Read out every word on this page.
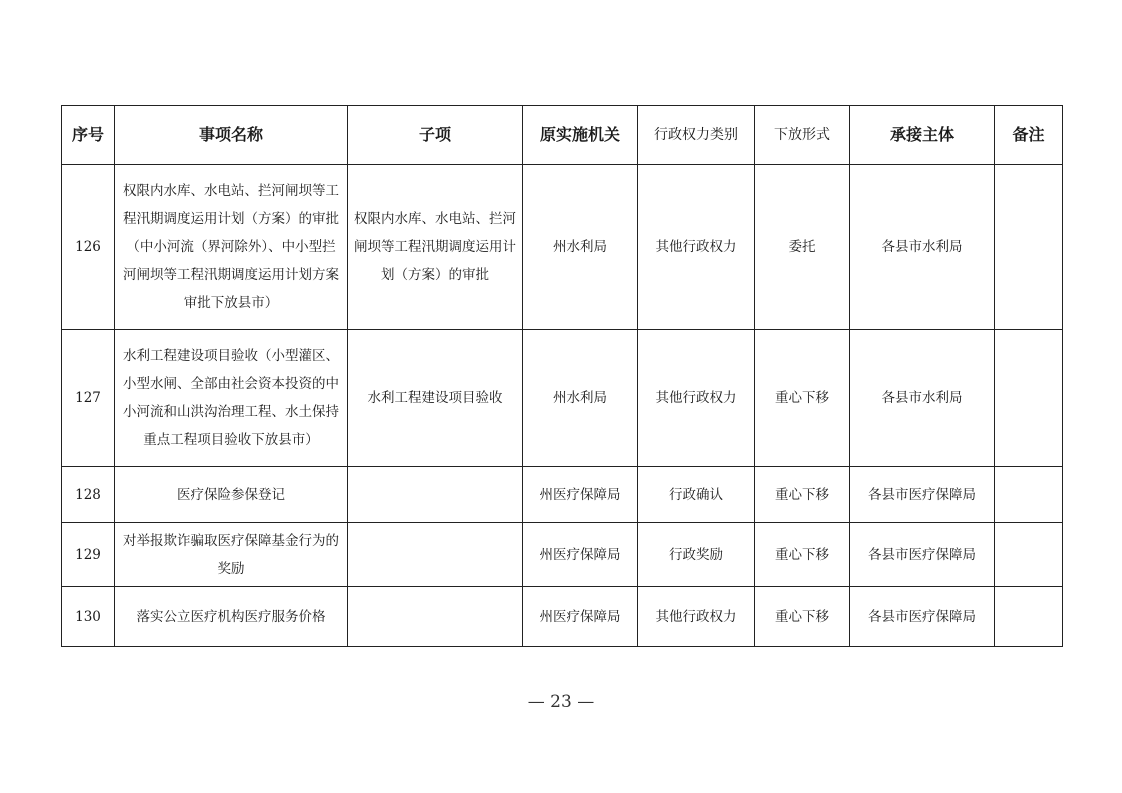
序号	事项名称	子项	原实施机关	行政权力类别	下放形式	承接主体	备注
126	权限内水库、水电站、拦河闸坝等工程汛期调度运用计划（方案）的审批（中小河流（界河除外）、中小型拦河闸坝等工程汛期调度运用计划方案审批下放县市）	权限内水库、水电站、拦河闸坝等工程汛期调度运用计划（方案）的审批	州水利局	其他行政权力	委托	各县市水利局	
127	水利工程建设项目验收（小型灌区、小型水闸、全部由社会资本投资的中小河流和山洪沟治理工程、水土保持重点工程项目验收下放县市）	水利工程建设项目验收	州水利局	其他行政权力	重心下移	各县市水利局	
128	医疗保险参保登记		州医疗保障局	行政确认	重心下移	各县市医疗保障局	
129	对举报欺诈骗取医疗保障基金行为的奖励		州医疗保障局	行政奖励	重心下移	各县市医疗保障局	
130	落实公立医疗机构医疗服务价格		州医疗保障局	其他行政权力	重心下移	各县市医疗保障局	
— 23 —
